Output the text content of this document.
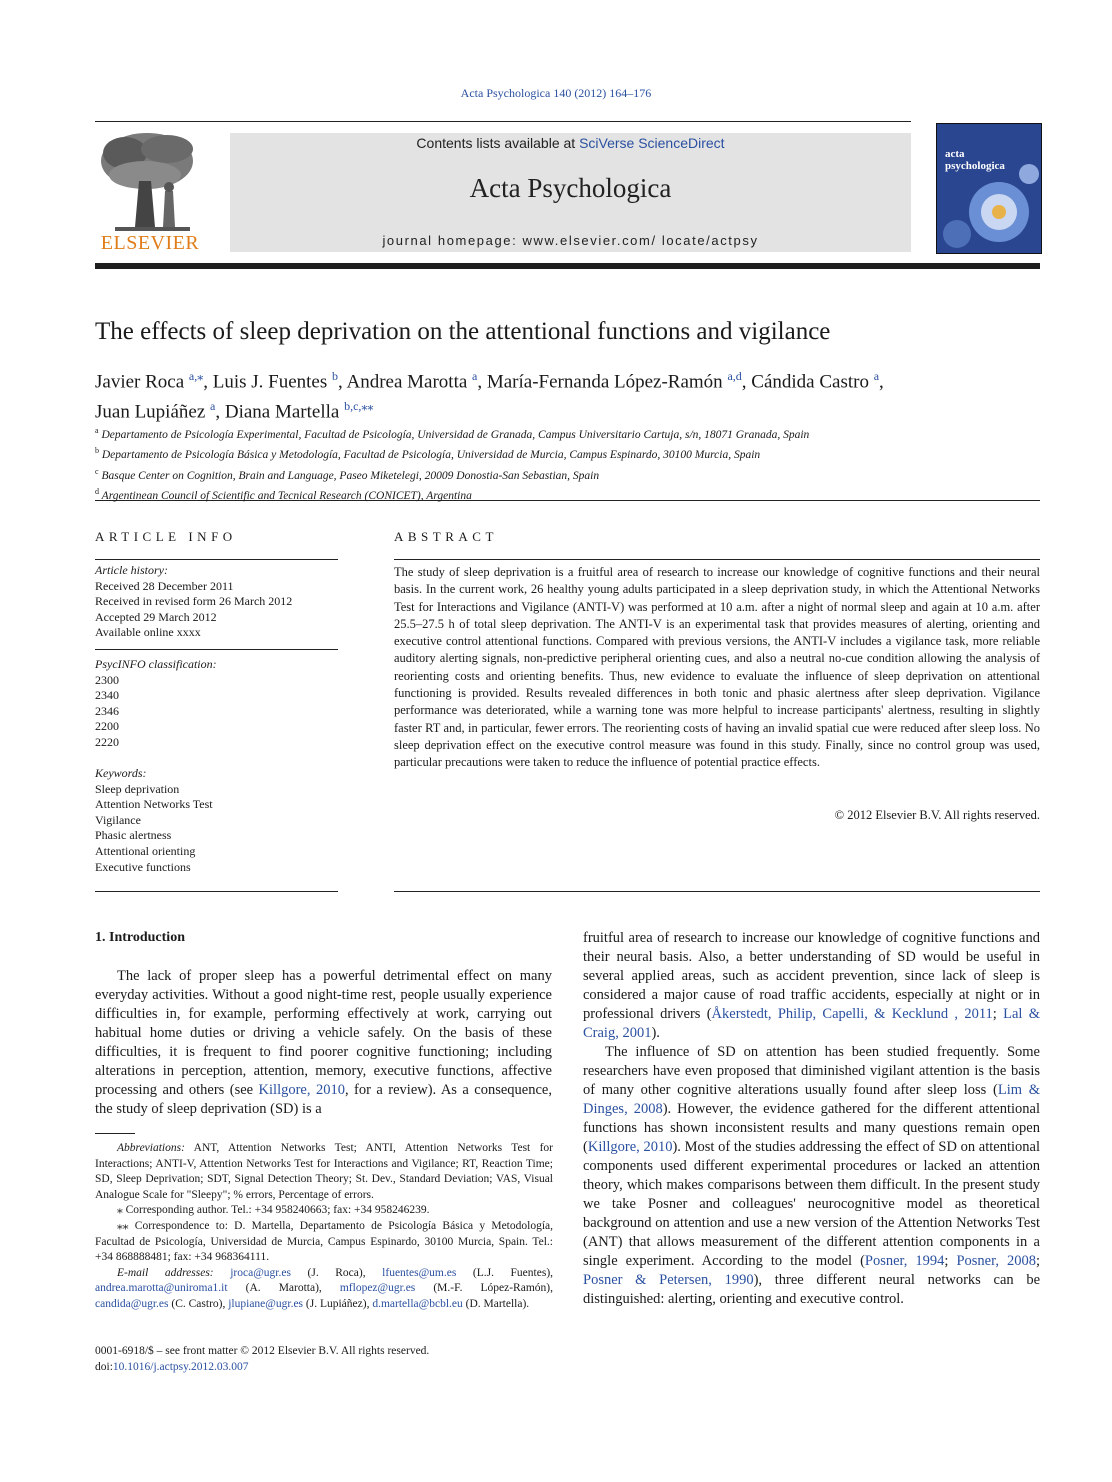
Acta Psychologica 140 (2012) 164–176
ELSEVIER
Contents lists available at SciVerse ScienceDirect
Acta Psychologica
journal homepage: www.elsevier.com/ locate/actpsy
acta
psychologica
The effects of sleep deprivation on the attentional functions and vigilance
Javier Roca $^{a,⁎}$, Luis J. Fuentes $^b$, Andrea Marotta $^a$, María-Fernanda López-Ramón $^{a,d}$, Cándida Castro $^a$,
Juan Lupiáñez $^a$, Diana Martella $^{b,c,⁎⁎}$
$^a$ Departamento de Psicología Experimental, Facultad de Psicología, Universidad de Granada, Campus Universitario Cartuja, s/n, 18071 Granada, Spain
$^b$ Departamento de Psicología Básica y Metodología, Facultad de Psicología, Universidad de Murcia, Campus Espinardo, 30100 Murcia, Spain
$^c$ Basque Center on Cognition, Brain and Language, Paseo Miketelegi, 20009 Donostia-San Sebastian, Spain
$^d$ Argentinean Council of Scientific and Tecnical Research (CONICET), Argentina
ARTICLE INFO
Article history:
Received 28 December 2011
Received in revised form 26 March 2012
Accepted 29 March 2012
Available online xxxx
PsycINFO classification:
2300
2340
2346
2200
2220
Keywords:
Sleep deprivation
Attention Networks Test
Vigilance
Phasic alertness
Attentional orienting
Executive functions
ABSTRACT
The study of sleep deprivation is a fruitful area of research to increase our knowledge of cognitive functions and their neural basis. In the current work, 26 healthy young adults participated in a sleep deprivation study, in which the Attentional Networks Test for Interactions and Vigilance (ANTI-V) was performed at 10 a.m. after a night of normal sleep and again at 10 a.m. after 25.5–27.5 h of total sleep deprivation. The ANTI-V is an experimental task that provides measures of alerting, orienting and executive control attentional functions. Compared with previous versions, the ANTI-V includes a vigilance task, more reliable auditory alerting signals, non-predictive peripheral orienting cues, and also a neutral no-cue condition allowing the analysis of reorienting costs and orienting benefits. Thus, new evidence to evaluate the influence of sleep deprivation on attentional functioning is provided. Results revealed differences in both tonic and phasic alertness after sleep deprivation. Vigilance performance was deteriorated, while a warning tone was more helpful to increase participants' alertness, resulting in slightly faster RT and, in particular, fewer errors. The reorienting costs of having an invalid spatial cue were reduced after sleep loss. No sleep deprivation effect on the executive control measure was found in this study. Finally, since no control group was used, particular precautions were taken to reduce the influence of potential practice effects.
© 2012 Elsevier B.V. All rights reserved.
1. Introduction

The lack of proper sleep has a powerful detrimental effect on many everyday activities. Without a good night-time rest, people usually experience difficulties in, for example, performing effectively at work, carrying out habitual home duties or driving a vehicle safely. On the basis of these difficulties, it is frequent to find poorer cognitive functioning; including alterations in perception, attention, memory, executive functions, affective processing and others (see Killgore, 2010, for a review). As a consequence, the study of sleep deprivation (SD) is a

fruitful area of research to increase our knowledge of cognitive functions and their neural basis. Also, a better understanding of SD would be useful in several applied areas, such as accident prevention, since lack of sleep is considered a major cause of road traffic accidents, especially at night or in professional drivers (Åkerstedt, Philip, Capelli, & Kecklund , 2011; Lal & Craig, 2001).

The influence of SD on attention has been studied frequently. Some researchers have even proposed that diminished vigilant attention is the basis of many other cognitive alterations usually found after sleep loss (Lim & Dinges, 2008). However, the evidence gathered for the different attentional functions has shown inconsistent results and many questions remain open (Killgore, 2010). Most of the studies addressing the effect of SD on attentional components used different experimental procedures or lacked an attention theory, which makes comparisons between them difficult. In the present study we take Posner and colleagues' neurocognitive model as theoretical background on attention and use a new version of the Attention Networks Test (ANT) that allows measurement of the different attention components in a single experiment. According to the model (Posner, 1994; Posner, 2008; Posner & Petersen, 1990), three different neural networks can be distinguished: alerting, orienting and executive control.

Abbreviations: ANT, Attention Networks Test; ANTI, Attention Networks Test for Interactions; ANTI-V, Attention Networks Test for Interactions and Vigilance; RT, Reaction Time; SD, Sleep Deprivation; SDT, Signal Detection Theory; St. Dev., Standard Deviation; VAS, Visual Analogue Scale for "Sleepy"; % errors, Percentage of errors.

⁎ Corresponding author. Tel.: +34 958240663; fax: +34 958246239.

⁎⁎ Correspondence to: D. Martella, Departamento de Psicología Básica y Metodología, Facultad de Psicología, Universidad de Murcia, Campus Espinardo, 30100 Murcia, Spain. Tel.: +34 868888481; fax: +34 968364111.

E-mail addresses: jroca@ugr.es (J. Roca), lfuentes@um.es (L.J. Fuentes), andrea.marotta@uniroma1.it (A. Marotta), mflopez@ugr.es (M.-F. López-Ramón), candida@ugr.es (C. Castro), jlupiane@ugr.es (J. Lupiáñez), d.martella@bcbl.eu (D. Martella).

0001-6918/$ – see front matter © 2012 Elsevier B.V. All rights reserved.
doi:10.1016/j.actpsy.2012.03.007
